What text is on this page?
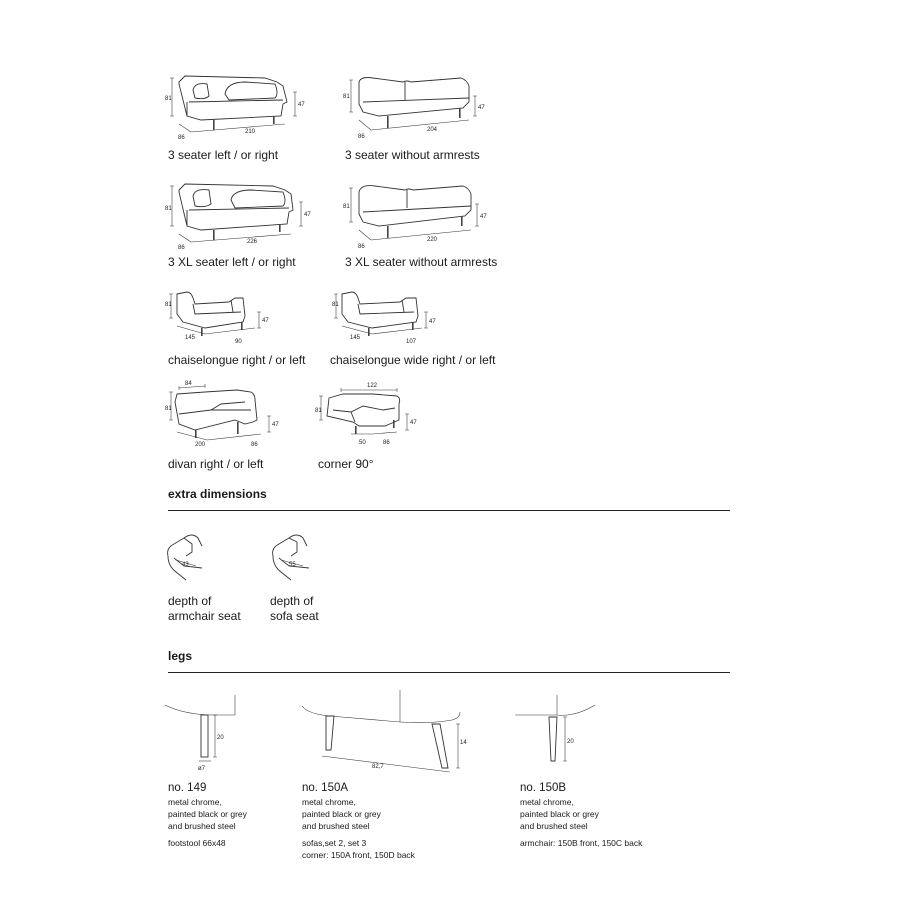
81
47
86
210
3 seater left / or right
81
47
86
204
3 seater without armrests
81
47
86
226
3 XL seater left / or right
81
47
86
220
3 XL seater without armrests
81
47
145
90
chaiselongue right / or left
81
47
145
107
chaiselongue wide right / or left
84
81
47
200	86
divan right / or left
122
81
47
50	86
corner 90°
extra dimensions
43
depth of
armchair seat
55
depth of
sofa seat
legs
20
ø7
no. 149
metal chrome,
painted black or grey
and brushed steel
footstool 66x48
14
82,7
no. 150A
metal chrome,
painted black or grey
and brushed steel
sofas,set 2, set 3
corner: 150A front, 150D back
20
no. 150B
metal chrome,
painted black or grey
and brushed steel
armchair: 150B front, 150C back
